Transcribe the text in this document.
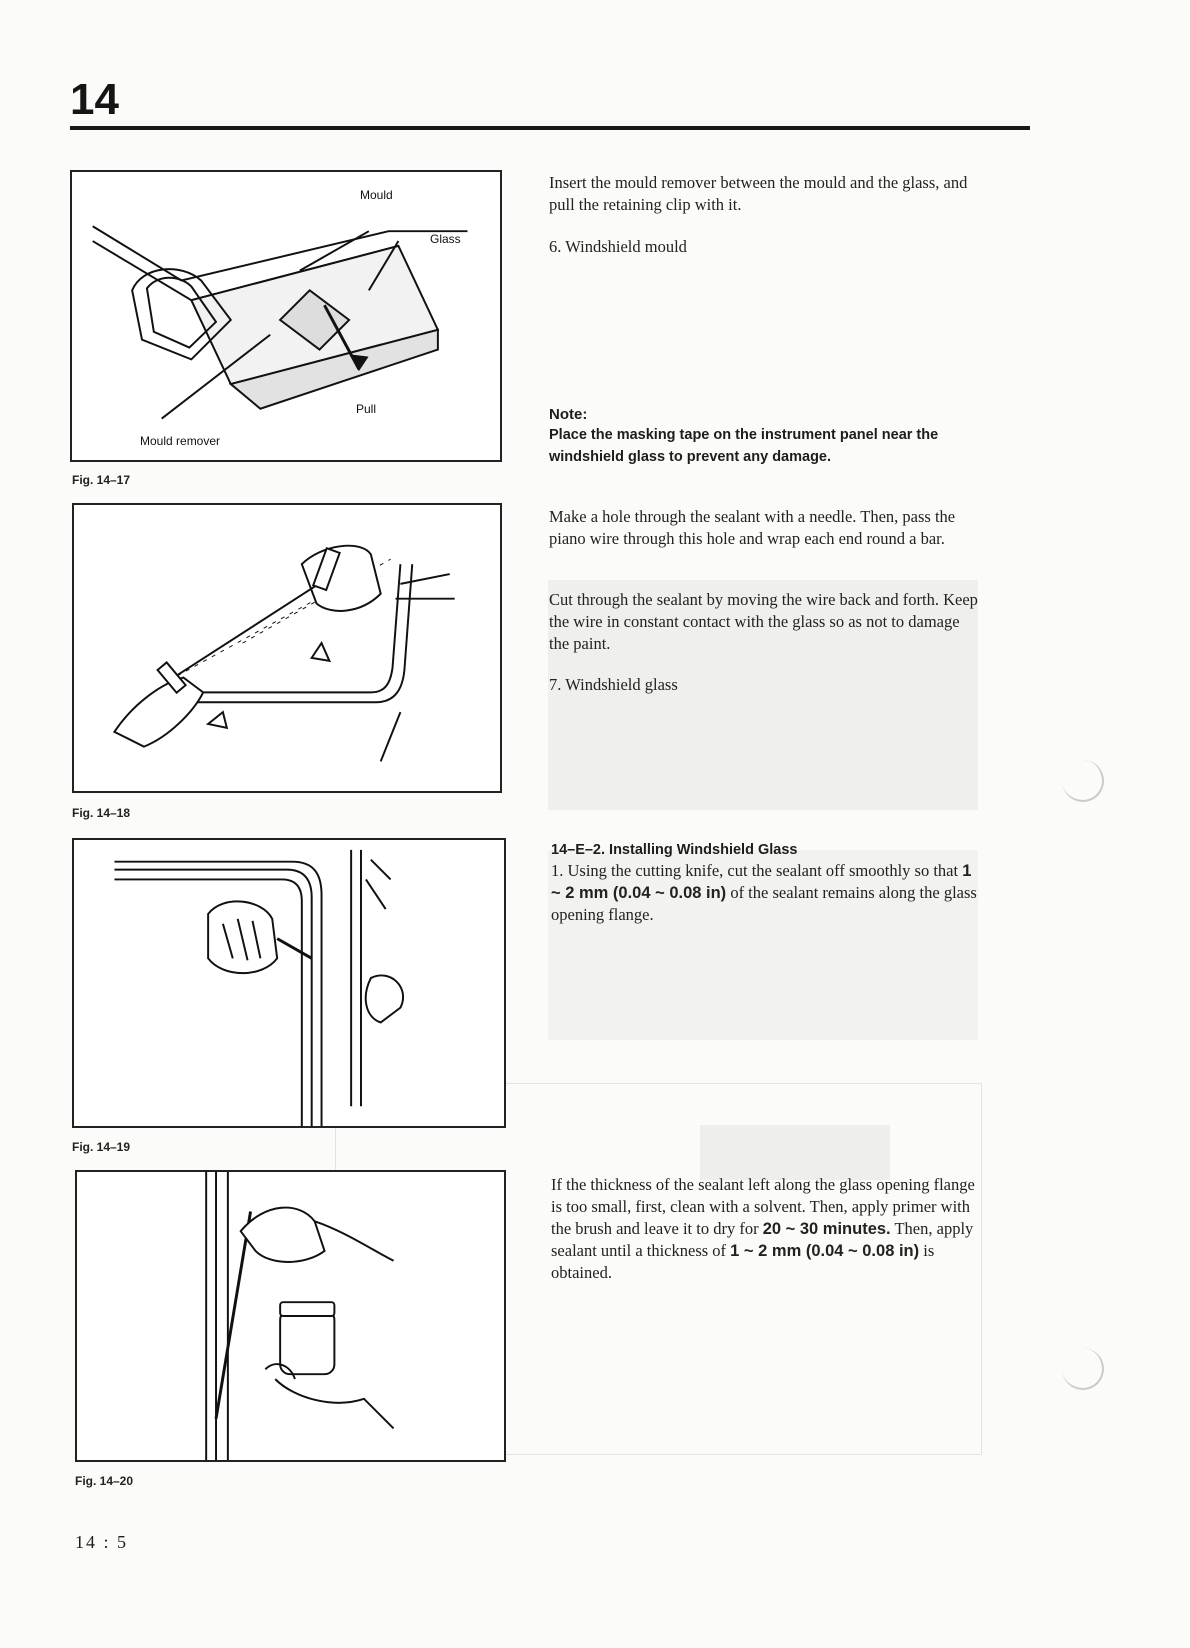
14
Mould
Glass
Pull
Mould remover
Fig. 14–17
Fig. 14–18
Fig. 14–19
Fig. 14–20
Insert the mould remover between the mould and the glass, and pull the retaining clip with it.
6. Windshield mould
Note:
Place the masking tape on the instrument panel near the windshield glass to prevent any damage.
Make a hole through the sealant with a needle. Then, pass the piano wire through this hole and wrap each end round a bar.
Cut through the sealant by moving the wire back and forth. Keep the wire in constant contact with the glass so as not to damage the paint.
7. Windshield glass
14–E–2. Installing Windshield Glass
1. Using the cutting knife, cut the sealant off smoothly so that 1 ~ 2 mm (0.04 ~ 0.08 in) of the sealant remains along the glass opening flange.
If the thickness of the sealant left along the glass opening flange is too small, first, clean with a solvent. Then, apply primer with the brush and leave it to dry for 20 ~ 30 minutes. Then, apply sealant until a thickness of 1 ~ 2 mm (0.04 ~ 0.08 in) is obtained.
14 : 5
